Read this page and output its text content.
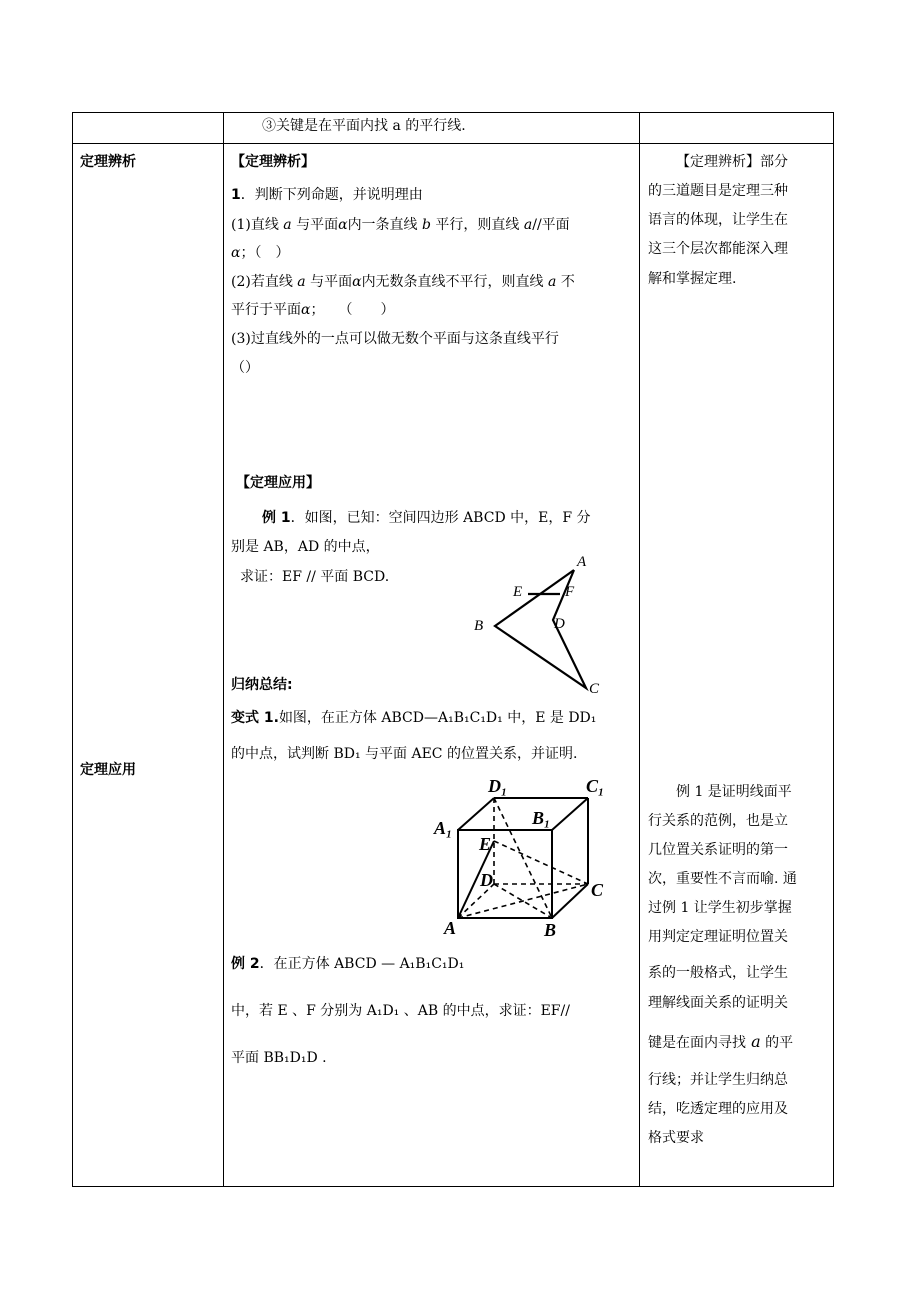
③关键是在平面内找 a 的平行线.
定理辨析
定理应用
【定理辨析】
1．判断下列命题，并说明理由
(1)直线 a 与平面α内一条直线 b 平行，则直线 a//平面
α；（　）
(2)若直线 a 与平面α内无数条直线不平行，则直线 a 不
平行于平面α；　　（　　）
(3)过直线外的一点可以做无数个平面与这条直线平行
（）
【定理应用】
例 1．如图，已知：空间四边形 ABCD 中，E，F 分
别是 AB，AD 的中点，
求证：EF // 平面 BCD.
A
E	F
B	D
C
归纳总结:
变式 1.如图，在正方体 ABCD—A₁B₁C₁D₁ 中，E 是 DD₁
的中点，试判断 BD₁ 与平面 AEC 的位置关系，并证明.
D₁	C₁
A₁	B₁
E
D	C
A	B
例 2．在正方体 ABCD — A₁B₁C₁D₁
中，若 E 、F 分别为 A₁D₁ 、AB 的中点，求证：EF//
平面 BB₁D₁D .
【定理辨析】部分
的三道题目是定理三种
语言的体现，让学生在
这三个层次都能深入理
解和掌握定理.
例 1 是证明线面平
行关系的范例，也是立
几位置关系证明的第一
次，重要性不言而喻. 通
过例 1 让学生初步掌握
用判定定理证明位置关
系的一般格式，让学生
理解线面关系的证明关
键是在面内寻找 a 的平
行线；并让学生归纳总
结，吃透定理的应用及
格式要求
